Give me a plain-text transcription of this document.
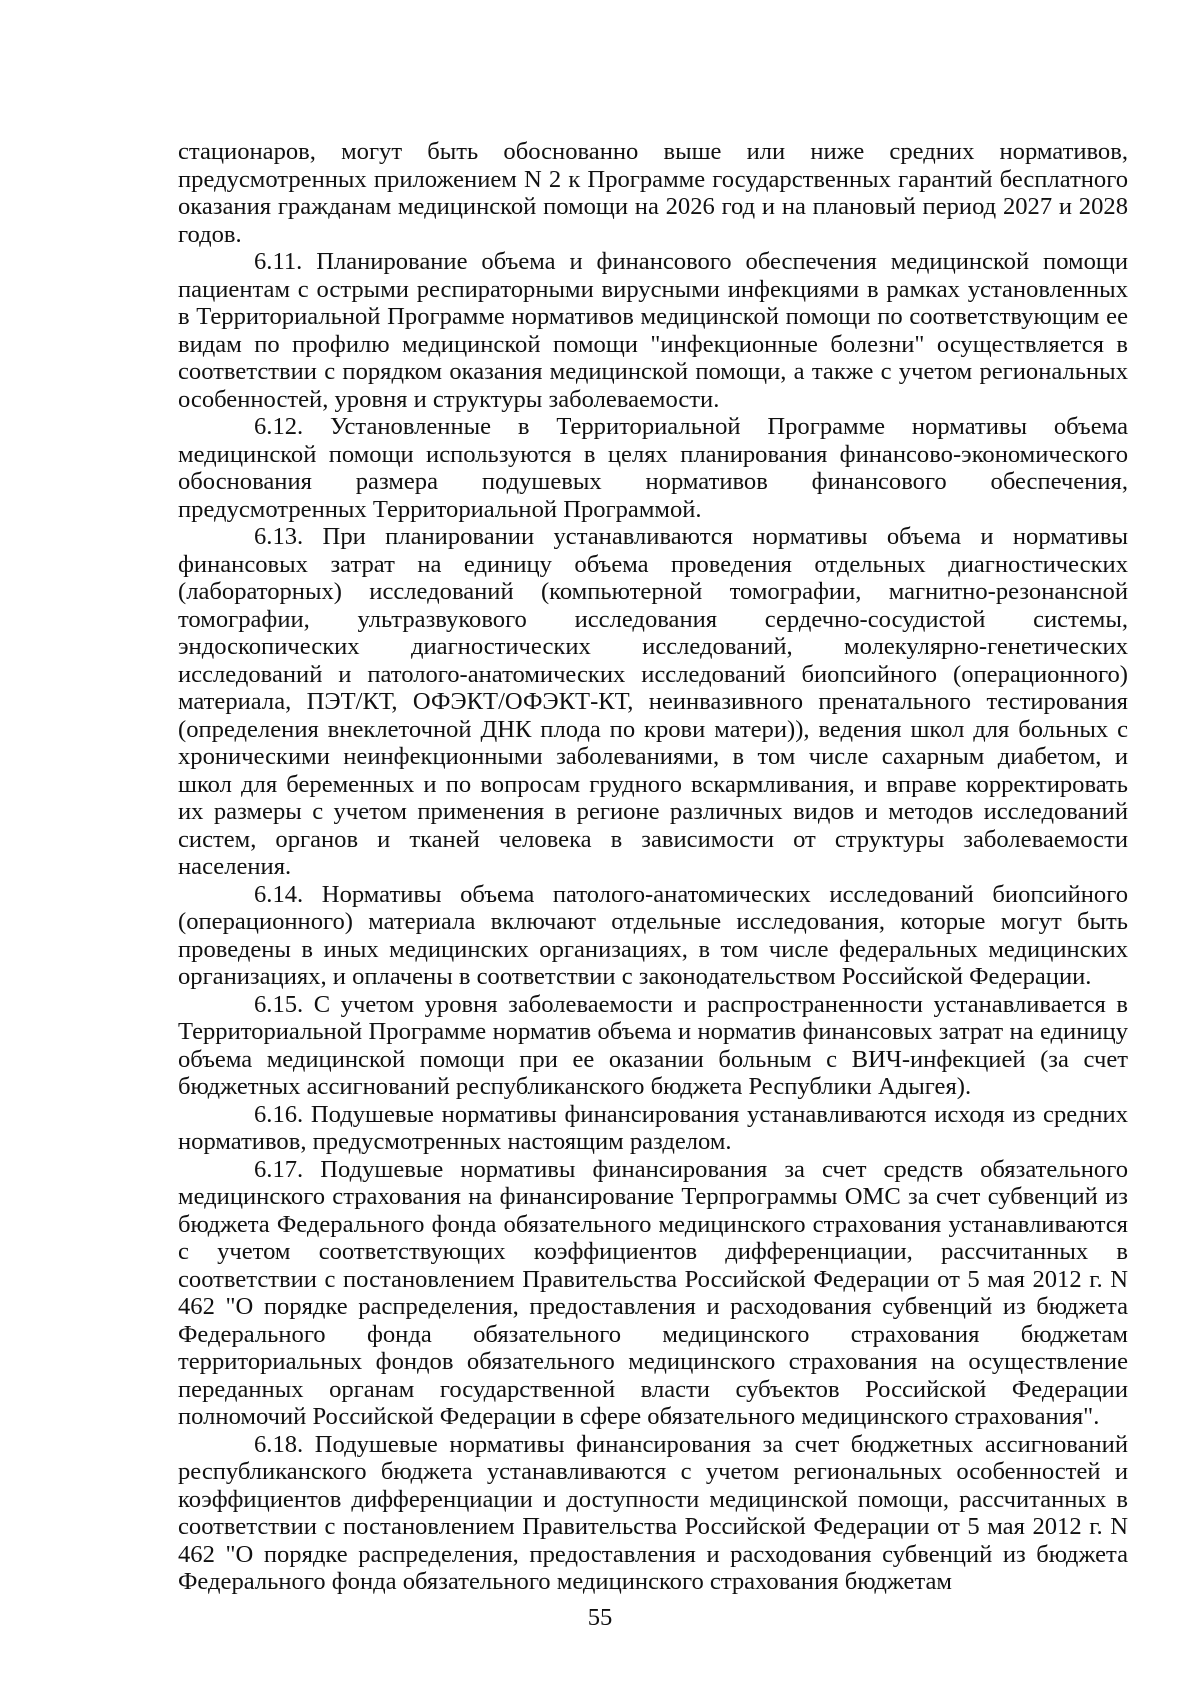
стационаров, могут быть обоснованно выше или ниже средних нормативов, предусмотренных приложением N 2 к Программе государственных гарантий бесплатного оказания гражданам медицинской помощи на 2026 год и на плановый период 2027 и 2028 годов.

6.11. Планирование объема и финансового обеспечения медицинской помощи пациентам с острыми респираторными вирусными инфекциями в рамках установленных в Территориальной Программе нормативов медицинской помощи по соответствующим ее видам по профилю медицинской помощи "инфекционные болезни" осуществляется в соответствии с порядком оказания медицинской помощи, а также с учетом региональных особенностей, уровня и структуры заболеваемости.

6.12. Установленные в Территориальной Программе нормативы объема медицинской помощи используются в целях планирования финансово-экономического обоснования размера подушевых нормативов финансового обеспечения, предусмотренных Территориальной Программой.

6.13. При планировании устанавливаются нормативы объема и нормативы финансовых затрат на единицу объема проведения отдельных диагностических (лабораторных) исследований (компьютерной томографии, магнитно-резонансной томографии, ультразвукового исследования сердечно-сосудистой системы, эндоскопических диагностических исследований, молекулярно-генетических исследований и патолого-анатомических исследований биопсийного (операционного) материала, ПЭТ/КТ, ОФЭКТ/ОФЭКТ-КТ, неинвазивного пренатального тестирования (определения внеклеточной ДНК плода по крови матери)), ведения школ для больных с хроническими неинфекционными заболеваниями, в том числе сахарным диабетом, и школ для беременных и по вопросам грудного вскармливания, и вправе корректировать их размеры с учетом применения в регионе различных видов и методов исследований систем, органов и тканей человека в зависимости от структуры заболеваемости населения.

6.14. Нормативы объема патолого-анатомических исследований биопсийного (операционного) материала включают отдельные исследования, которые могут быть проведены в иных медицинских организациях, в том числе федеральных медицинских организациях, и оплачены в соответствии с законодательством Российской Федерации.

6.15. С учетом уровня заболеваемости и распространенности устанавливается в Территориальной Программе норматив объема и норматив финансовых затрат на единицу объема медицинской помощи при ее оказании больным с ВИЧ-инфекцией (за счет бюджетных ассигнований республиканского бюджета Республики Адыгея).

6.16. Подушевые нормативы финансирования устанавливаются исходя из средних нормативов, предусмотренных настоящим разделом.

6.17. Подушевые нормативы финансирования за счет средств обязательного медицинского страхования на финансирование Терпрограммы ОМС за счет субвенций из бюджета Федерального фонда обязательного медицинского страхования устанавливаются с учетом соответствующих коэффициентов дифференциации, рассчитанных в соответствии с постановлением Правительства Российской Федерации от 5 мая 2012 г. N 462 "О порядке распределения, предоставления и расходования субвенций из бюджета Федерального фонда обязательного медицинского страхования бюджетам территориальных фондов обязательного медицинского страхования на осуществление переданных органам государственной власти субъектов Российской Федерации полномочий Российской Федерации в сфере обязательного медицинского страхования".

6.18. Подушевые нормативы финансирования за счет бюджетных ассигнований республиканского бюджета устанавливаются с учетом региональных особенностей и коэффициентов дифференциации и доступности медицинской помощи, рассчитанных в соответствии с постановлением Правительства Российской Федерации от 5 мая 2012 г. N 462 "О порядке распределения, предоставления и расходования субвенций из бюджета Федерального фонда обязательного медицинского страхования бюджетам

55
